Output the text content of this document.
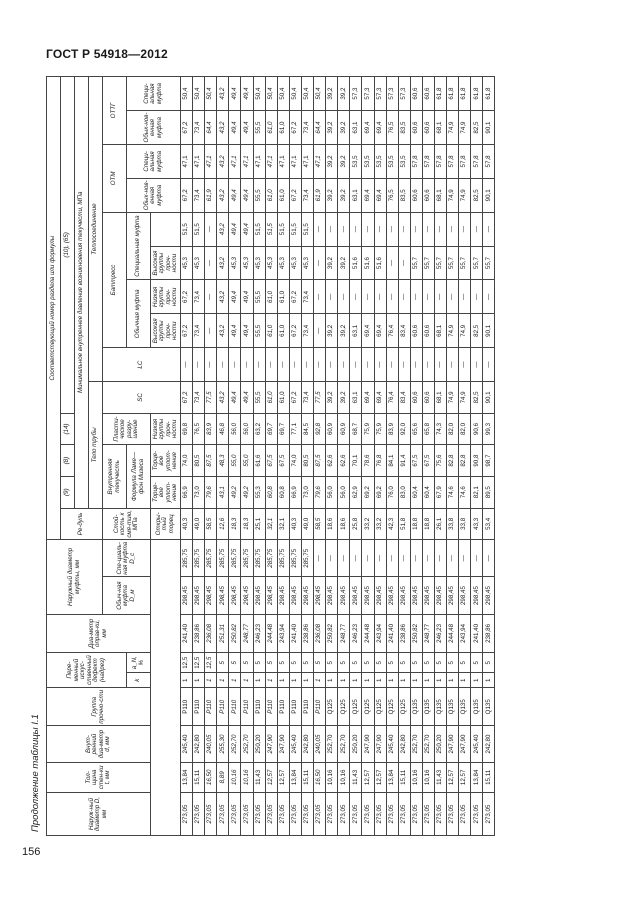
ГОСТ Р 54918—2012
Продолжение таблицы I.1	Наруж-ный диаметр D, мм	Тол-щина стен-ки t, мм	Внут-ренний диа-метр d, мм	Группа прочно-сти	Пере-менный искус-ственный дефект (надрез)		Диа-метр оправ-ки, мм	Наружный диаметр муфты, мм		Соответствующий номер раздела или формулы													
									Ре-дуль	(9)	(8)	(14)	(10), (65)									
										Минимальное внутреннее давление возникновения текучести, МПа												
										Тело трубы				Теплосоединение								
							Обыч-ная муфта D_м	Спе-циаль-ная муфта D_с	Стой-кость к смя-тию, МПа	Внутренняя текучесть		Пласти-ческое разру-шение	SC	LC	Баттресс				ОТМ		ОТТГ	
				k	a_N, %					Формула Ламе—фон Мизеса					Обычная муфта		Специальная муфта		Обык-нов-енная муфта	Специ-альная муфта	Обык-нов-енная муфта	Специ-альная муфта
									Откры-тый торец	Торце-вое уплот-нение	Торце-вое уплот-нение	Низкая группы проч-ности			Высокая группы проч-ности	Низкая группы проч-ности	Высокая группы проч-ности					
273,05	13,84	245,40	P110	1	12,5	241,40	298,45	285,75	40,3	66,9	74,0	69,8	67,2	—	67,2	67,2	45,3	51,5	67,2	47,1	67,2	50,4
273,05	15,11	242,80	P110	1	12,5	238,86	298,45	285,75	49,0	73,0	80,5	76,5	73,4	—	73,4	73,4	45,3	51,5	73,4	47,1	73,4	50,4
273,05	16,50	240,05	P110	1	12,5	236,08	298,45	285,75	58,5	79,6	87,5	83,9	77,5	—	—	—	—	—	61,9	47,1	64,4	50,4
273,05	8,89	255,30	P110	1	5	251,31	298,45	285,75	12,6	43,1	48,3	46,8	43,2	—	43,2	43,2	43,2	43,2	43,2	43,2	43,2	43,2
273,05	10,16	252,70	P110	1	5	250,82	298,45	285,75	18,3	49,2	55,0	56,0	49,4	—	49,4	49,4	45,3	49,4	49,4	47,1	49,4	49,4
273,05	10,16	252,70	P110	1	5	248,77	298,45	285,75	18,3	49,2	55,0	56,0	49,4	—	49,4	49,4	45,3	49,4	49,4	47,1	49,4	49,4
273,05	11,43	250,20	P110	1	5	246,23	298,45	285,75	25,1	55,3	61,6	63,2	55,5	—	55,5	55,5	45,3	51,5	55,5	47,1	55,5	50,4
273,05	12,57	247,90	P110	1	5	244,48	298,45	285,75	32,1	60,8	67,5	69,7	61,0	—	61,0	61,0	45,3	51,5	61,0	47,1	61,0	50,4
273,05	12,57	247,90	P110	1	5	243,94	298,45	285,75	32,1	60,8	67,5	69,7	61,0	—	61,0	61,0	45,3	51,5	61,0	47,1	61,0	50,4
273,05	13,84	245,40	P110	1	5	241,40	298,45	285,75	40,3	66,9	74,0	77,1	67,2	—	67,2	67,2	45,3	51,5	67,2	47,1	67,2	50,4
273,05	15,11	242,80	P110	1	5	238,86	298,45	285,75	49,0	73,0	80,5	84,5	73,4	—	73,4	73,4	45,3	51,5	73,4	47,1	73,4	50,4
273,05	16,50	240,05	P110	1	5	236,08	298,45	—	58,5	79,6	87,5	92,8	77,5	—	—	—	—	—	61,9	47,1	64,4	50,4
273,05	10,16	252,70	Q125	1	5	250,82	298,45	—	18,6	56,0	62,6	60,9	39,2	—	39,2	—	39,2	—	39,2	39,2	39,2	39,2
273,05	10,16	252,70	Q125	1	5	248,77	298,45	—	18,6	56,0	62,6	60,9	39,2	—	39,2	—	39,2	—	39,2	39,2	39,2	39,2
273,05	11,43	250,20	Q125	1	5	246,23	298,45	—	25,8	62,9	70,1	68,7	63,1	—	63,1	—	51,6	—	63,1	53,5	63,1	57,3
273,05	12,57	247,90	Q125	1	5	244,48	298,45	—	33,2	69,2	78,6	75,9	69,4	—	69,4	—	51,6	—	69,4	53,5	69,4	57,3
273,05	12,57	247,90	Q125	1	5	243,94	298,45	—	33,2	69,2	76,8	75,9	69,4	—	69,4	—	51,6	—	69,4	53,5	69,4	57,3
273,05	13,84	245,40	Q125	1	5	241,40	298,45	—	42,3	76,0	84,1	83,9	76,4	—	76,4	—	—	—	76,5	53,5	76,5	57,3
273,05	15,11	242,80	Q125	1	5	238,86	298,45	—	51,8	83,0	91,4	92,0	83,4	—	83,4	—	—	—	83,5	53,5	83,5	57,3
273,05	10,16	252,70	Q135	1	5	250,82	298,45	—	18,8	60,4	67,5	65,6	60,6	—	60,6	—	55,7	—	60,6	57,8	60,6	60,6
273,05	10,16	252,70	Q135	1	5	248,77	298,45	—	18,8	60,4	67,5	65,8	60,6	—	60,6	—	55,7	—	60,6	57,8	60,6	60,6
273,05	11,43	250,20	Q135	1	5	246,23	298,45	—	26,1	67,9	75,6	74,3	68,1	—	68,1	—	55,7	—	68,1	57,8	68,1	61,8
273,05	12,57	247,90	Q135	1	5	244,48	298,45	—	33,8	74,6	82,8	82,0	74,9	—	74,9	—	55,7	—	74,9	57,8	74,9	61,8
273,05	12,57	247,90	Q135	1	5	243,94	298,45	—	33,8	74,6	82,8	82,0	74,9	—	74,9	—	55,7	—	74,9	57,8	74,9	61,8
273,05	13,84	245,40	Q135	1	5	241,40	298,45	—	43,3	82,1	90,8	90,6	82,5	—	82,5	—	55,7	—	82,5	57,8	82,5	61,8
273,05	15,11	242,80	Q135	1	5	238,86	298,45	—	53,4	89,5	98,7	99,3	90,1	—	90,1	—	55,7	—	90,1	57,8	90,1	61,8
156
